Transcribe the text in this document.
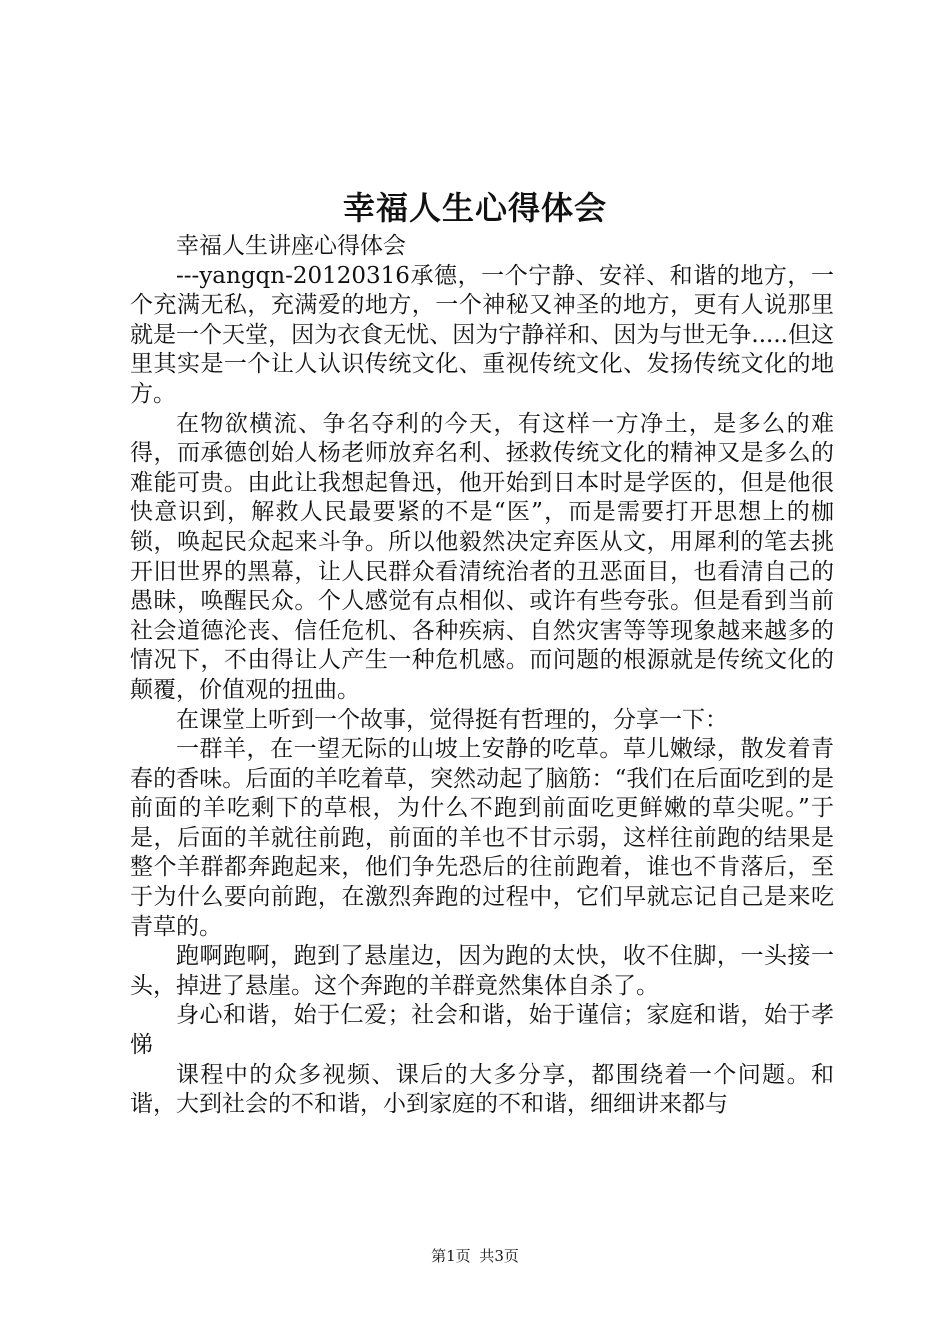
幸福人生心得体会

幸福人生讲座心得体会

---yangqn-20120316承德，一个宁静、安祥、和谐的地方，一个充满无私，充满爱的地方，一个神秘又神圣的地方，更有人说那里就是一个天堂，因为衣食无忧、因为宁静祥和、因为与世无争.....但这里其实是一个让人认识传统文化、重视传统文化、发扬传统文化的地方。

在物欲横流、争名夺利的今天，有这样一方净土，是多么的难得，而承德创始人杨老师放弃名利、拯救传统文化的精神又是多么的难能可贵。由此让我想起鲁迅，他开始到日本时是学医的，但是他很快意识到，解救人民最要紧的不是“医”，而是需要打开思想上的枷锁，唤起民众起来斗争。所以他毅然决定弃医从文，用犀利的笔去挑开旧世界的黑幕，让人民群众看清统治者的丑恶面目，也看清自己的愚昧，唤醒民众。个人感觉有点相似、或许有些夸张。但是看到当前社会道德沦丧、信任危机、各种疾病、自然灾害等等现象越来越多的情况下，不由得让人产生一种危机感。而问题的根源就是传统文化的颠覆，价值观的扭曲。

在课堂上听到一个故事，觉得挺有哲理的，分享一下：

一群羊，在一望无际的山坡上安静的吃草。草儿嫩绿，散发着青春的香味。后面的羊吃着草，突然动起了脑筋：“我们在后面吃到的是前面的羊吃剩下的草根，为什么不跑到前面吃更鲜嫩的草尖呢。”于是，后面的羊就往前跑，前面的羊也不甘示弱，这样往前跑的结果是整个羊群都奔跑起来，他们争先恐后的往前跑着，谁也不肯落后，至于为什么要向前跑，在激烈奔跑的过程中，它们早就忘记自己是来吃青草的。

跑啊跑啊，跑到了悬崖边，因为跑的太快，收不住脚，一头接一头，掉进了悬崖。这个奔跑的羊群竟然集体自杀了。

身心和谐，始于仁爱；社会和谐，始于谨信；家庭和谐，始于孝悌

课程中的众多视频、课后的大多分享，都围绕着一个问题。和谐，大到社会的不和谐，小到家庭的不和谐，细细讲来都与

第1页 共3页
